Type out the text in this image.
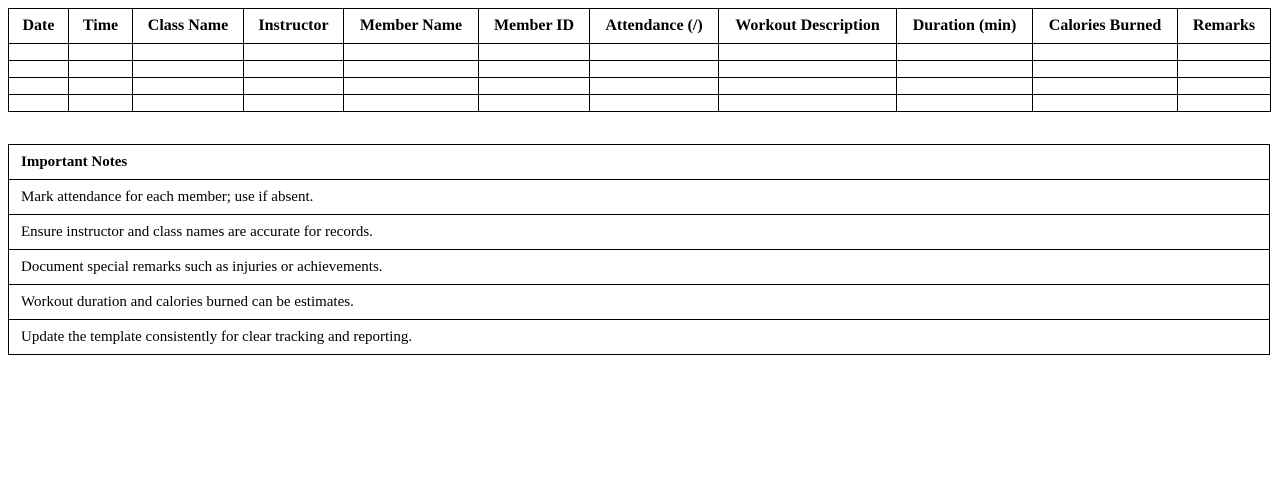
Date	Time	Class Name	Instructor	Member Name	Member ID	Attendance (/)	Workout Description	Duration (min)	Calories Burned	Remarks

Important Notes
Mark attendance for each member; use if absent.
Ensure instructor and class names are accurate for records.
Document special remarks such as injuries or achievements.
Workout duration and calories burned can be estimates.
Update the template consistently for clear tracking and reporting.
